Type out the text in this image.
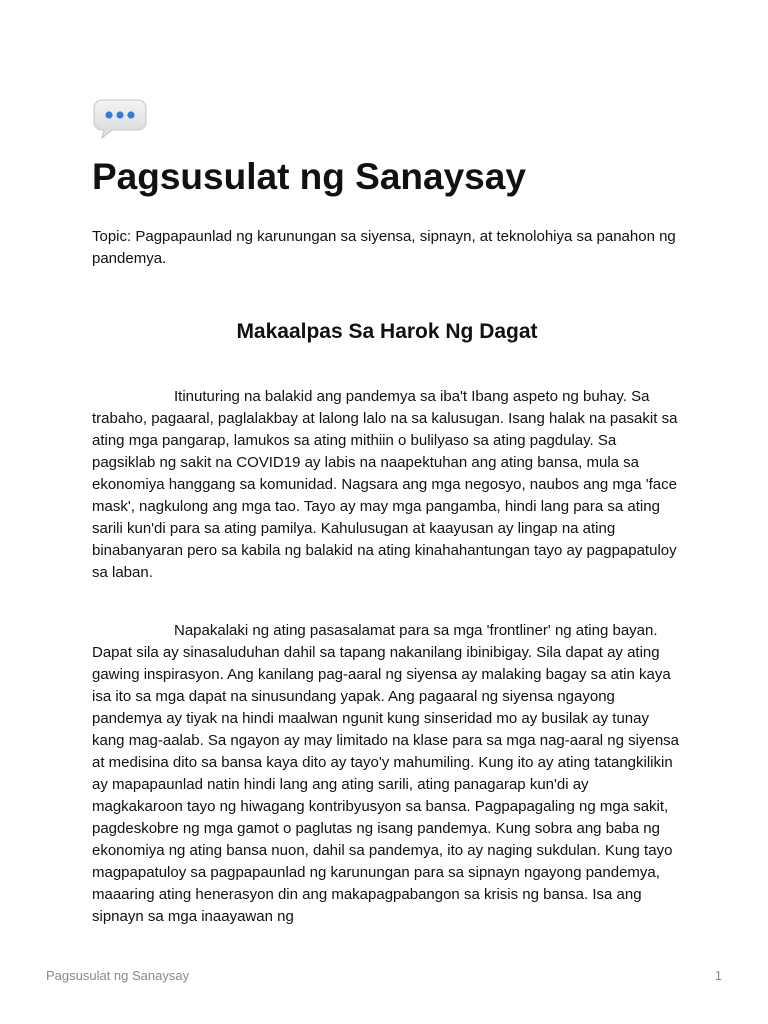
Pagsusulat ng Sanaysay

Topic: Pagpapaunlad ng karunungan sa siyensa, sipnayn, at teknolohiya sa panahon ng pandemya.

Makaalpas Sa Harok Ng Dagat

Itinuturing na balakid ang pandemya sa iba't Ibang aspeto ng buhay. Sa trabaho, pagaaral, paglalakbay at lalong lalo na sa kalusugan. Isang halak na pasakit sa ating mga pangarap, lamukos sa ating mithiin o bulilyaso sa ating pagdulay. Sa pagsiklab ng sakit na COVID19 ay labis na naapektuhan ang ating bansa, mula sa ekonomiya hanggang sa komunidad. Nagsara ang mga negosyo, naubos ang mga 'face mask', nagkulong ang mga tao. Tayo ay may mga pangamba, hindi lang para sa ating sarili kun'di para sa ating pamilya. Kahulusugan at kaayusan ay lingap na ating binabanyaran pero sa kabila ng balakid na ating kinahahantungan tayo ay pagpapatuloy sa laban.

Napakalaki ng ating pasasalamat para sa mga 'frontliner' ng ating bayan. Dapat sila ay sinasaluduhan dahil sa tapang nakanilang ibinibigay. Sila dapat ay ating gawing inspirasyon. Ang kanilang pag-aaral ng siyensa ay malaking bagay sa atin kaya isa ito sa mga dapat na sinusundang yapak. Ang pagaaral ng siyensa ngayong pandemya ay tiyak na hindi maalwan ngunit kung sinseridad mo ay busilak ay tunay kang mag-aalab. Sa ngayon ay may limitado na klase para sa mga nag-aaral ng siyensa at medisina dito sa bansa kaya dito ay tayo'y mahumiling. Kung ito ay ating tatangkilikin ay mapapaunlad natin hindi lang ang ating sarili, ating panagarap kun'di ay magkakaroon tayo ng hiwagang kontribyusyon sa bansa. Pagpapagaling ng mga sakit, pagdeskobre ng mga gamot o paglutas ng isang pandemya. Kung sobra ang baba ng ekonomiya ng ating bansa nuon, dahil sa pandemya, ito ay naging sukdulan. Kung tayo magpapatuloy sa pagpapaunlad ng karunungan para sa sipnayn ngayong pandemya, maaaring ating henerasyon din ang makapagpabangon sa krisis ng bansa. Isa ang sipnayn sa mga inaayawan ng

Pagsusulat ng Sanaysay	1
